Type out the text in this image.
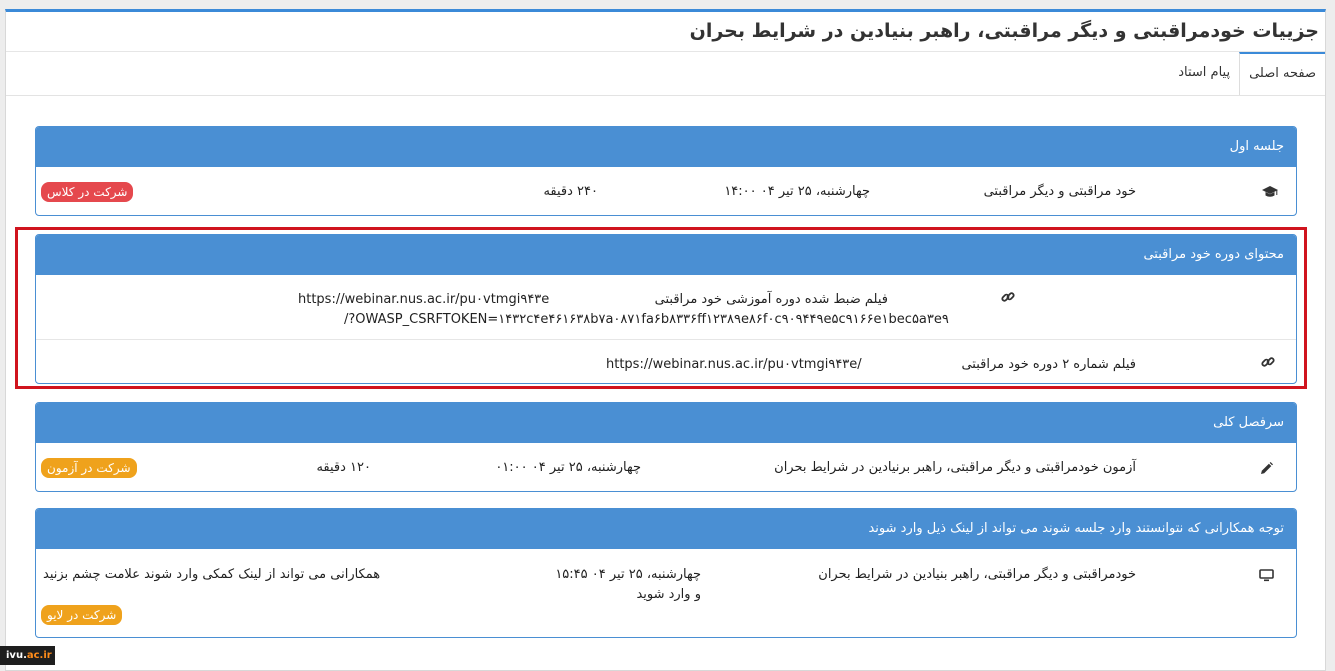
جزییات خودمراقبتی و دیگر مراقبتی، راهبر بنیادین در شرایط بحران
صفحه اصلی
پیام استاد
جلسه اول
خود مراقبتی و دیگر مراقبتی
چهارشنبه، ۲۵ تیر ۰۴ ۱۴:۰۰
۲۴۰ دقیقه
شرکت در کلاس
محتوای دوره خود مراقبتی
فیلم ضبط شده دوره آموزشی خود مراقبتی
https://webinar.nus.ac.ir/pu۰vtmgi۹۴۳e
/?OWASP_CSRFTOKEN=۱۴۳۲c۴e۴۶۱۶۳۸b۷a۰۸۷۱fa۶b۸۳۳۶ff۱۲۳۸۹e۸۶f۰c۹۰۹۴۴۹e۵c۹۱۶۶e۱bec۵a۳e۹
فیلم شماره ۲ دوره خود مراقبتی
https://webinar.nus.ac.ir/pu۰vtmgi۹۴۳e/
سرفصل کلی
آزمون خودمراقبتی و دیگر مراقبتی، راهبر برنیادین در شرایط بحران
چهارشنبه، ۲۵ تیر ۰۴ ۰۱:۰۰
۱۲۰ دقیقه
شرکت در آزمون
توجه همکارانی که نتوانستند وارد جلسه شوند می تواند از لینک ذیل وارد شوند
خودمراقبتی و دیگر مراقبتی، راهبر بنیادین در شرایط بحران
چهارشنبه، ۲۵ تیر ۰۴ ۱۵:۴۵
و وارد شوید
همکارانی می تواند از لینک کمکی وارد شوند علامت چشم بزنید
شرکت در لایو
ivu.ac.ir
